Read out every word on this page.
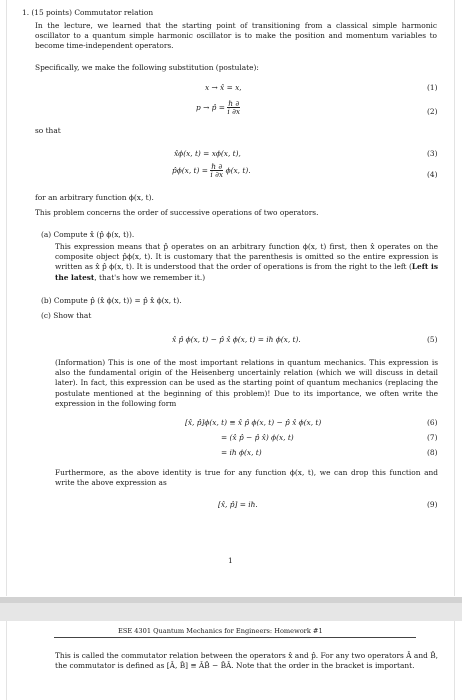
1. (15 points) Commutator relation
In the lecture, we learned that the starting point of transitioning from a classical simple harmonic oscillator to a quantum simple harmonic oscillator is to make the position and momentum variables to become time-independent operators.
Specifically, we make the following substitution (postulate):
x → x̂ = x,	(1)
p → p̂ = $\frac{\text{ℏ ∂}}{i \partial x}$	(2)
so that
x̂ϕ(x, t) = xϕ(x, t),	(3)
p̂ϕ(x, $t) = \frac{\text{ℏ ∂}}{i \partial x} \phi(x$, t).	(4)
for an arbitrary function ϕ(x, t).
This problem concerns the order of successive operations of two operators.
(a) Compute x̂ (p̂ ϕ(x, t)).
This expression means that p̂ operates on an arbitrary function ϕ(x, t) first, then x̂ operates on the composite object p̂ϕ(x, t). It is customary that the parenthesis is omitted so the entire expression is written as x̂ p̂ ϕ(x, t). It is understood that the order of operations is from the right to the left (Left is the latest, that's how we remember it.)
(b) Compute p̂ (x̂ ϕ(x, t)) = p̂ x̂ ϕ(x, t).
(c) Show that
x̂ p̂ ϕ(x, t) − p̂ x̂ ϕ(x, t) = iℏ ϕ(x, t).	(5)
(Information) This is one of the most important relations in quantum mechanics. This expression is also the fundamental origin of the Heisenberg uncertainly relation (which we will discuss in detail later). In fact, this expression can be used as the starting point of quantum mechanics (replacing the postulate mentioned at the beginning of this problem)! Due to its importance, we often write the expression in the following form
[x̂, p̂]ϕ(x, t) ≡ x̂ p̂ ϕ(x, t) − p̂ x̂ ϕ(x, t)	(6)
= (x̂ p̂ − p̂ x̂) ϕ(x, t)	(7)
= iℏ ϕ(x, t)	(8)
Furthermore, as the above identity is true for any function ϕ(x, t), we can drop this function and write the above expression as
[x̂, p̂] = iℏ.	(9)
1
ESE 4301 Quantum Mechanics for Engineers: Homework #1
This is called the commutator relation between the operators x̂ and p̂. For any two operators Â and B̂, the commutator is defined as [Â, B̂] ≡ ÂB̂ − B̂Â. Note that the order in the bracket is important.
